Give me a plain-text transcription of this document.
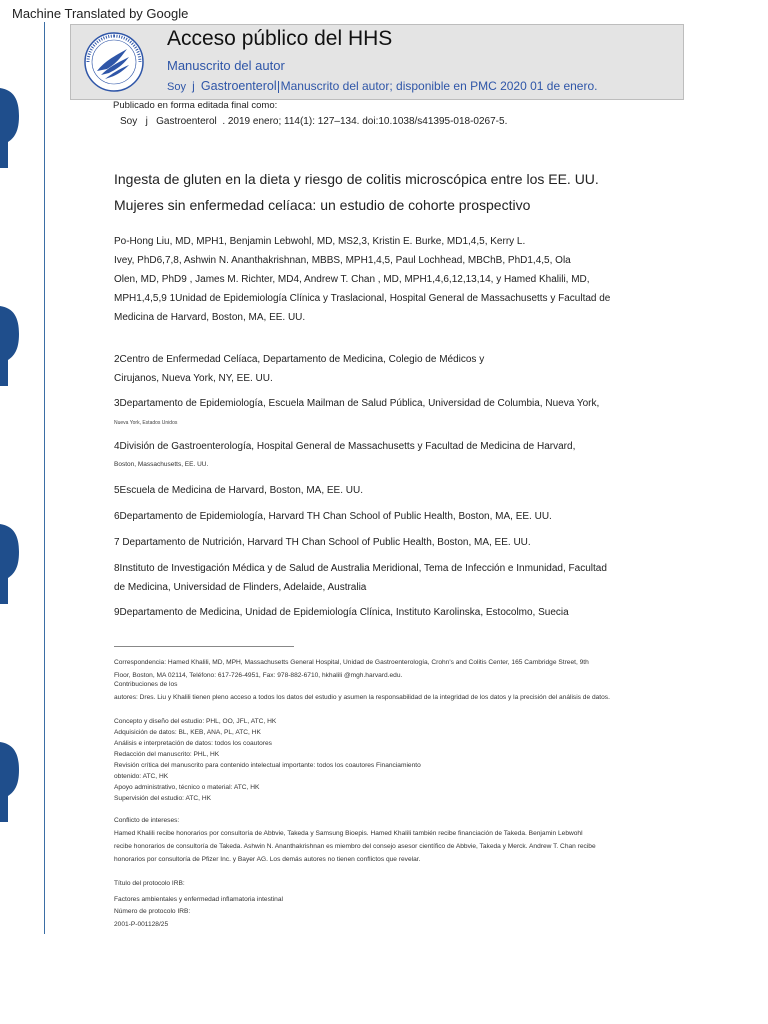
Machine Translated by Google
Acceso público del HHS
Manuscrito del autor
Soy j Gastroenterol Manuscrito del autor; disponible en PMC 2020 01 de enero.
Publicado en forma editada final como:
Soy j Gastroenterol . 2019 enero; 114(1): 127–134. doi:10.1038/s41395-018-0267-5.
Ingesta de gluten en la dieta y riesgo de colitis microscópica entre los EE. UU.
Mujeres sin enfermedad celíaca: un estudio de cohorte prospectivo
Po-Hong Liu, MD, MPH1, Benjamin Lebwohl, MD, MS2,3, Kristin E. Burke, MD1,4,5, Kerry L.
Ivey, PhD6,7,8, Ashwin N. Ananthakrishnan, MBBS, MPH1,4,5, Paul Lochhead, MBChB, PhD1,4,5, Ola
Olen, MD, PhD9 , James M. Richter, MD4, Andrew T. Chan , MD, MPH1,4,6,12,13,14, y Hamed Khalili, MD,
MPH1,4,5,9 1Unidad de Epidemiología Clínica y Traslacional, Hospital General de Massachusetts y Facultad de
Medicina de Harvard, Boston, MA, EE. UU.
2Centro de Enfermedad Celíaca, Departamento de Medicina, Colegio de Médicos y
Cirujanos, Nueva York, NY, EE. UU.
3Departamento de Epidemiología, Escuela Mailman de Salud Pública, Universidad de Columbia, Nueva York,
Nueva York, Estados Unidos
4División de Gastroenterología, Hospital General de Massachusetts y Facultad de Medicina de Harvard,
Boston, Massachusetts, EE. UU.
5Escuela de Medicina de Harvard, Boston, MA, EE. UU.
6Departamento de Epidemiología, Harvard TH Chan School of Public Health, Boston, MA, EE. UU.
7 Departamento de Nutrición, Harvard TH Chan School of Public Health, Boston, MA, EE. UU.
8Instituto de Investigación Médica y de Salud de Australia Meridional, Tema de Infección e Inmunidad, Facultad
de Medicina, Universidad de Flinders, Adelaide, Australia
9Departamento de Medicina, Unidad de Epidemiología Clínica, Instituto Karolinska, Estocolmo, Suecia
Correspondencia: Hamed Khalili, MD, MPH, Massachusetts General Hospital, Unidad de Gastroenterología, Crohn's and Colitis Center, 165 Cambridge Street, 9th
Floor, Boston, MA 02114, Teléfono: 617-726-4951, Fax: 978-882-6710, hkhalili @mgh.harvard.edu.
Contribuciones de los
autores: Dres. Liu y Khalili tienen pleno acceso a todos los datos del estudio y asumen la responsabilidad de la integridad de los datos y la precisión del análisis de datos.
Concepto y diseño del estudio: PHL, OO, JFL, ATC, HK
Adquisición de datos: BL, KEB, ANA, PL, ATC, HK
Análisis e interpretación de datos: todos los coautores
Redacción del manuscrito: PHL, HK
Revisión crítica del manuscrito para contenido intelectual importante: todos los coautores Financiamiento
obtenido: ATC, HK
Apoyo administrativo, técnico o material: ATC, HK
Supervisión del estudio: ATC, HK
Conflicto de intereses:
Hamed Khalili recibe honorarios por consultoría de Abbvie, Takeda y Samsung Bioepis. Hamed Khalili también recibe financiación de Takeda. Benjamin Lebwohl
recibe honorarios de consultoría de Takeda. Ashwin N. Ananthakrishnan es miembro del consejo asesor científico de Abbvie, Takeda y Merck. Andrew T. Chan recibe
honorarios por consultoría de Pfizer Inc. y Bayer AG. Los demás autores no tienen conflictos que revelar.
Título del protocolo IRB:
Factores ambientales y enfermedad inflamatoria intestinal
Número de protocolo IRB:
2001-P-001128/25
